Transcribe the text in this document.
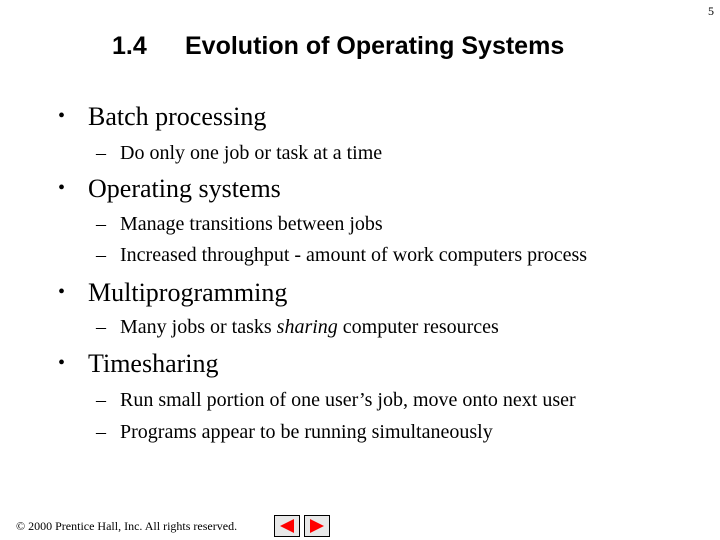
5
1.4 Evolution of Operating Systems
• Batch processing
– Do only one job or task at a time
• Operating systems
– Manage transitions between jobs
– Increased throughput - amount of work computers process
• Multiprogramming
– Many jobs or tasks sharing computer resources
• Timesharing
– Run small portion of one user’s job, move onto next user
– Programs appear to be running simultaneously
© 2000 Prentice Hall, Inc. All rights reserved.
